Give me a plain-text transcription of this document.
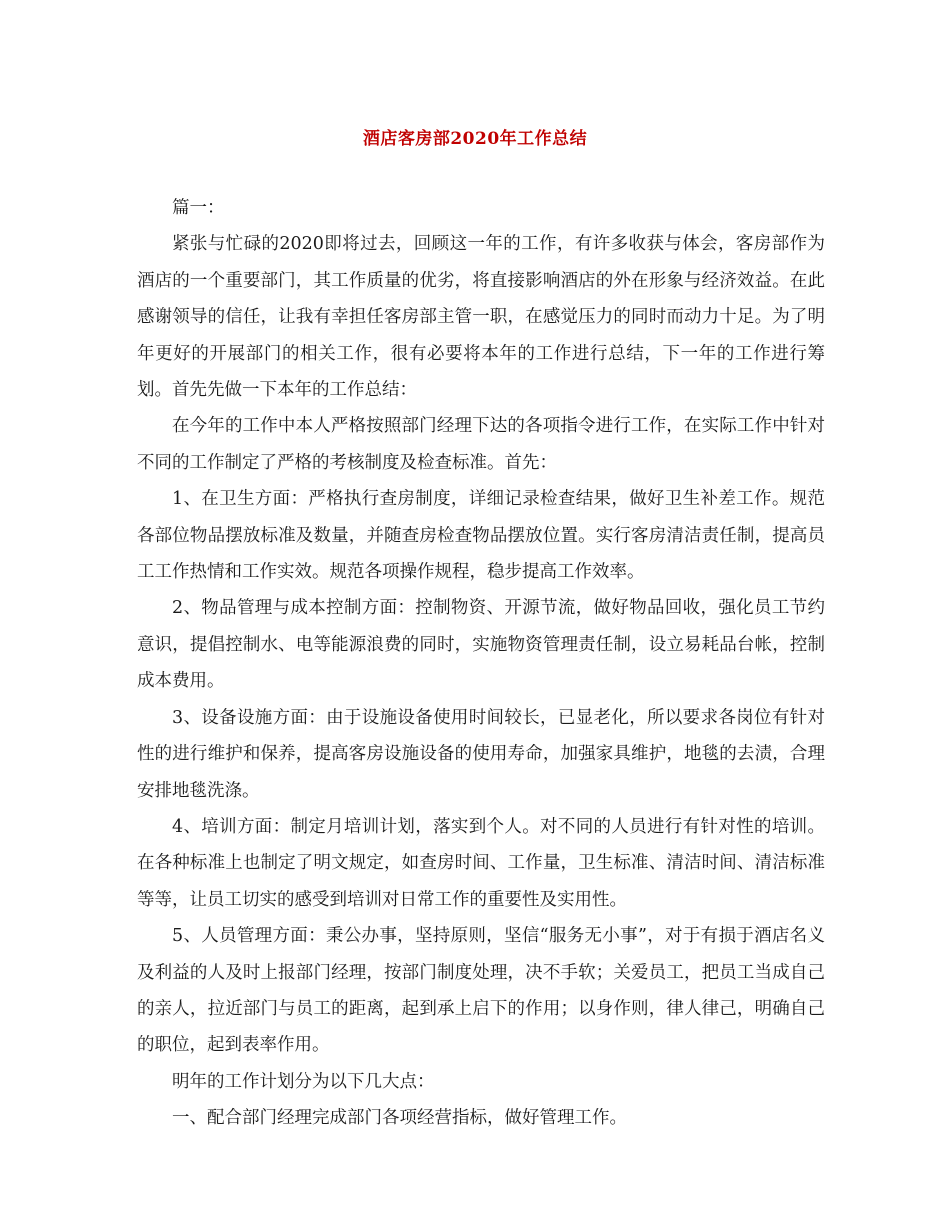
酒店客房部2020年工作总结

篇一：

紧张与忙碌的2020即将过去，回顾这一年的工作，有许多收获与体会，客房部作为酒店的一个重要部门，其工作质量的优劣，将直接影响酒店的外在形象与经济效益。在此感谢领导的信任，让我有幸担任客房部主管一职，在感觉压力的同时而动力十足。为了明年更好的开展部门的相关工作，很有必要将本年的工作进行总结，下一年的工作进行筹划。首先先做一下本年的工作总结：

在今年的工作中本人严格按照部门经理下达的各项指令进行工作，在实际工作中针对不同的工作制定了严格的考核制度及检查标准。首先：

1、在卫生方面：严格执行查房制度，详细记录检查结果，做好卫生补差工作。规范各部位物品摆放标准及数量，并随查房检查物品摆放位置。实行客房清洁责任制，提高员工工作热情和工作实效。规范各项操作规程，稳步提高工作效率。

2、物品管理与成本控制方面：控制物资、开源节流，做好物品回收，强化员工节约意识，提倡控制水、电等能源浪费的同时，实施物资管理责任制，设立易耗品台帐，控制成本费用。

3、设备设施方面：由于设施设备使用时间较长，已显老化，所以要求各岗位有针对性的进行维护和保养，提高客房设施设备的使用寿命，加强家具维护，地毯的去渍，合理安排地毯洗涤。

4、培训方面：制定月培训计划，落实到个人。对不同的人员进行有针对性的培训。在各种标准上也制定了明文规定，如查房时间、工作量，卫生标准、清洁时间、清洁标准等等，让员工切实的感受到培训对日常工作的重要性及实用性。

5、人员管理方面：秉公办事，坚持原则，坚信“服务无小事”，对于有损于酒店名义及利益的人及时上报部门经理，按部门制度处理，决不手软；关爱员工，把员工当成自己的亲人，拉近部门与员工的距离，起到承上启下的作用；以身作则，律人律己，明确自己的职位，起到表率作用。

明年的工作计划分为以下几大点：

一、配合部门经理完成部门各项经营指标，做好管理工作。
